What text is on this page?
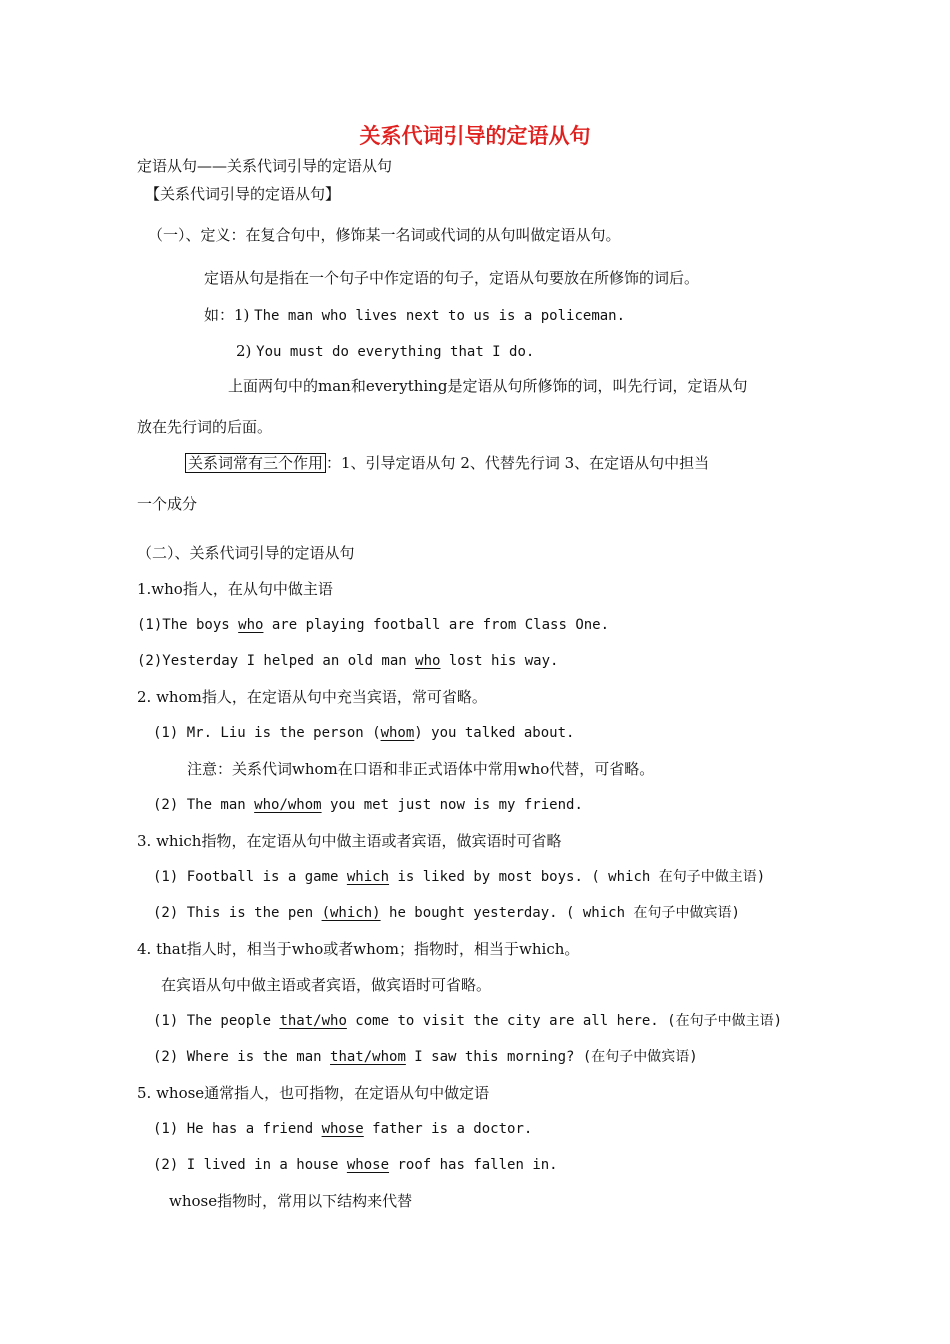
关系代词引导的定语从句
定语从句——关系代词引导的定语从句
【关系代词引导的定语从句】
（一）、定义：在复合句中，修饰某一名词或代词的从句叫做定语从句。
定语从句是指在一个句子中作定语的句子，定语从句要放在所修饰的词后。
如：1) The man who lives next to us is a policeman.
2) You must do everything that I do.
上面两句中的man和everything是定语从句所修饰的词，叫先行词，定语从句
放在先行词的后面。
关系词常有三个作用 ：1、引导定语从句 2、代替先行词 3、在定语从句中担当
一个成分
（二）、关系代词引导的定语从句
1.who指人，在从句中做主语
(1)The boys who are playing football are from Class One.
(2)Yesterday I helped an old man who lost his way.
2. whom指人，在定语从句中充当宾语，常可省略。
(1) Mr. Liu is the person (whom) you talked about.
注意：关系代词whom在口语和非正式语体中常用who代替，可省略。
(2) The man who/whom you met just now is my friend.
3. which指物，在定语从句中做主语或者宾语，做宾语时可省略
(1) Football is a game which is liked by most boys. ( which 在句子中做主语)
(2) This is the pen (which) he bought yesterday. ( which 在句子中做宾语)
4. that指人时，相当于who或者whom；指物时，相当于which。
在宾语从句中做主语或者宾语，做宾语时可省略。
(1) The people that/who come to visit the city are all here. (在句子中做主语)
(2) Where is the man that/whom I saw this morning? (在句子中做宾语)
5. whose通常指人，也可指物，在定语从句中做定语
(1) He has a friend whose father is a doctor.
(2) I lived in a house whose roof has fallen in.
whose指物时，常用以下结构来代替
